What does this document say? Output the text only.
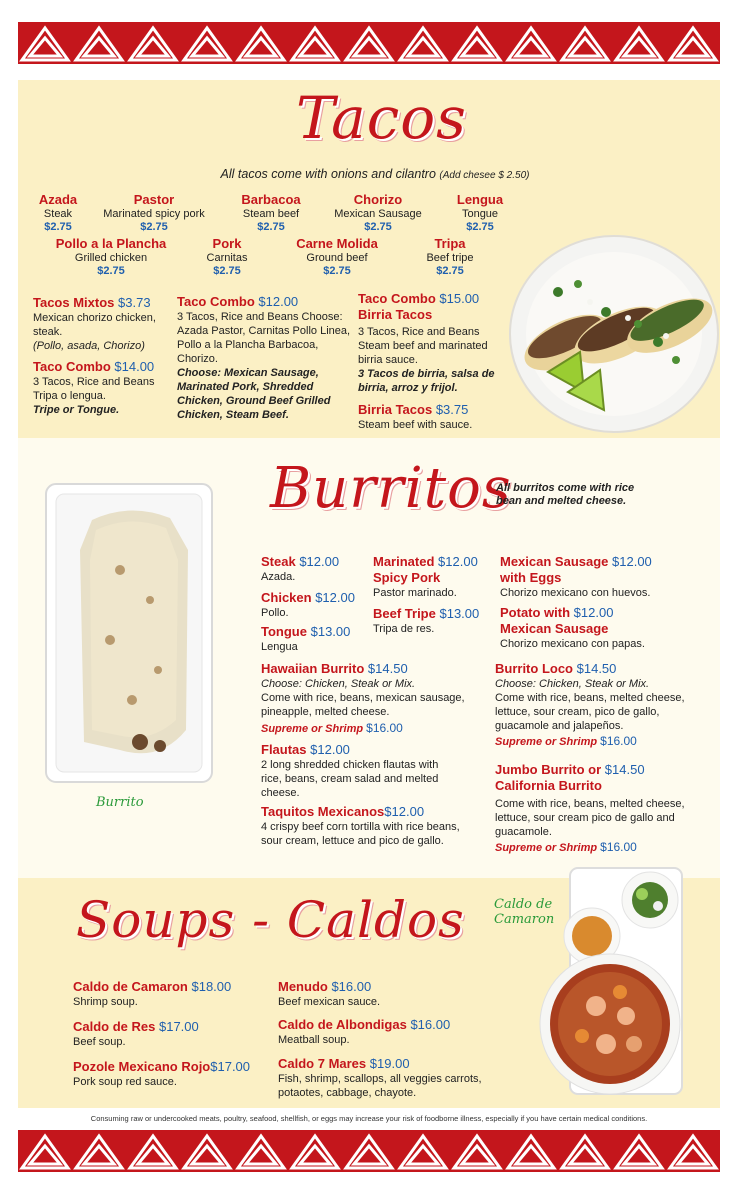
Tacos
All tacos come with onions and cilantro (Add chesee $ 2.50)
Azada
Steak
$2.75
Pastor
Marinated spicy pork
$2.75
Barbacoa
Steam beef
$2.75
Chorizo
Mexican Sausage
$2.75
Lengua
Tongue
$2.75
Pollo a la Plancha
Grilled chicken
$2.75
Pork
Carnitas
$2.75
Carne Molida
Ground beef
$2.75
Tripa
Beef tripe
$2.75
Tacos Mixtos $3.73
Mexican chorizo chicken, steak.
(Pollo, asada, Chorizo)
Taco Combo $14.00
3 Tacos, Rice and Beans Tripa o lengua.
Tripe or Tongue.
Taco Combo $12.00
3 Tacos, Rice and Beans Choose: Azada Pastor, Carnitas Pollo Linea, Pollo a la Plancha Barbacoa, Chorizo.
Choose: Mexican Sausage, Marinated Pork, Shredded Chicken, Ground Beef Grilled Chicken, Steam Beef.
Taco Combo $15.00
Birria Tacos
3 Tacos, Rice and Beans Steam beef and marinated birria sauce.
3 Tacos de birria, salsa de birria, arroz y frijol.
Birria Tacos $3.75
Steam beef with sauce.
Burrito
Burritos
All burritos come with rice bean and melted cheese.
Steak $12.00
Azada.
Chicken $12.00
Pollo.
Tongue $13.00
Lengua
Marinated $12.00
Spicy Pork
Pastor marinado.
Beef Tripe $13.00
Tripa de res.
Mexican Sausage $12.00
with Eggs
Chorizo mexicano con huevos.
Potato with $12.00
Mexican Sausage
Chorizo mexicano con papas.
Hawaiian Burrito $14.50
Choose: Chicken, Steak or Mix.
Come with rice, beans, mexican sausage, pineapple, melted cheese.
Supreme or Shrimp $16.00
Flautas $12.00
2 long shredded chicken flautas with rice, beans, cream salad and melted cheese.
Taquitos Mexicanos$12.00
4 crispy beef corn tortilla with rice beans, sour cream, lettuce and pico de gallo.
Burrito Loco $14.50
Choose: Chicken, Steak or Mix.
Come with rice, beans, melted cheese, lettuce, sour cream, pico de gallo, guacamole and jalapeños.
Supreme or Shrimp $16.00
Jumbo Burrito or $14.50
California Burrito
Come with rice, beans, melted cheese, lettuce, sour cream pico de gallo and guacamole.
Supreme or Shrimp $16.00
Soups - Caldos
Caldo de Camaron $18.00
Shrimp soup.
Caldo de Res $17.00
Beef soup.
Pozole Mexicano Rojo$17.00
Pork soup red sauce.
Menudo $16.00
Beef mexican sauce.
Caldo de Albondigas $16.00
Meatball soup.
Caldo 7 Mares $19.00
Fish, shrimp, scallops, all veggies carrots, potaotes, cabbage, chayote.
Caldo de Camaron
Consuming raw or undercooked meats, poultry, seafood, shellfish, or eggs may increase your risk of foodborne illness, especially if you have certain medical conditions.
